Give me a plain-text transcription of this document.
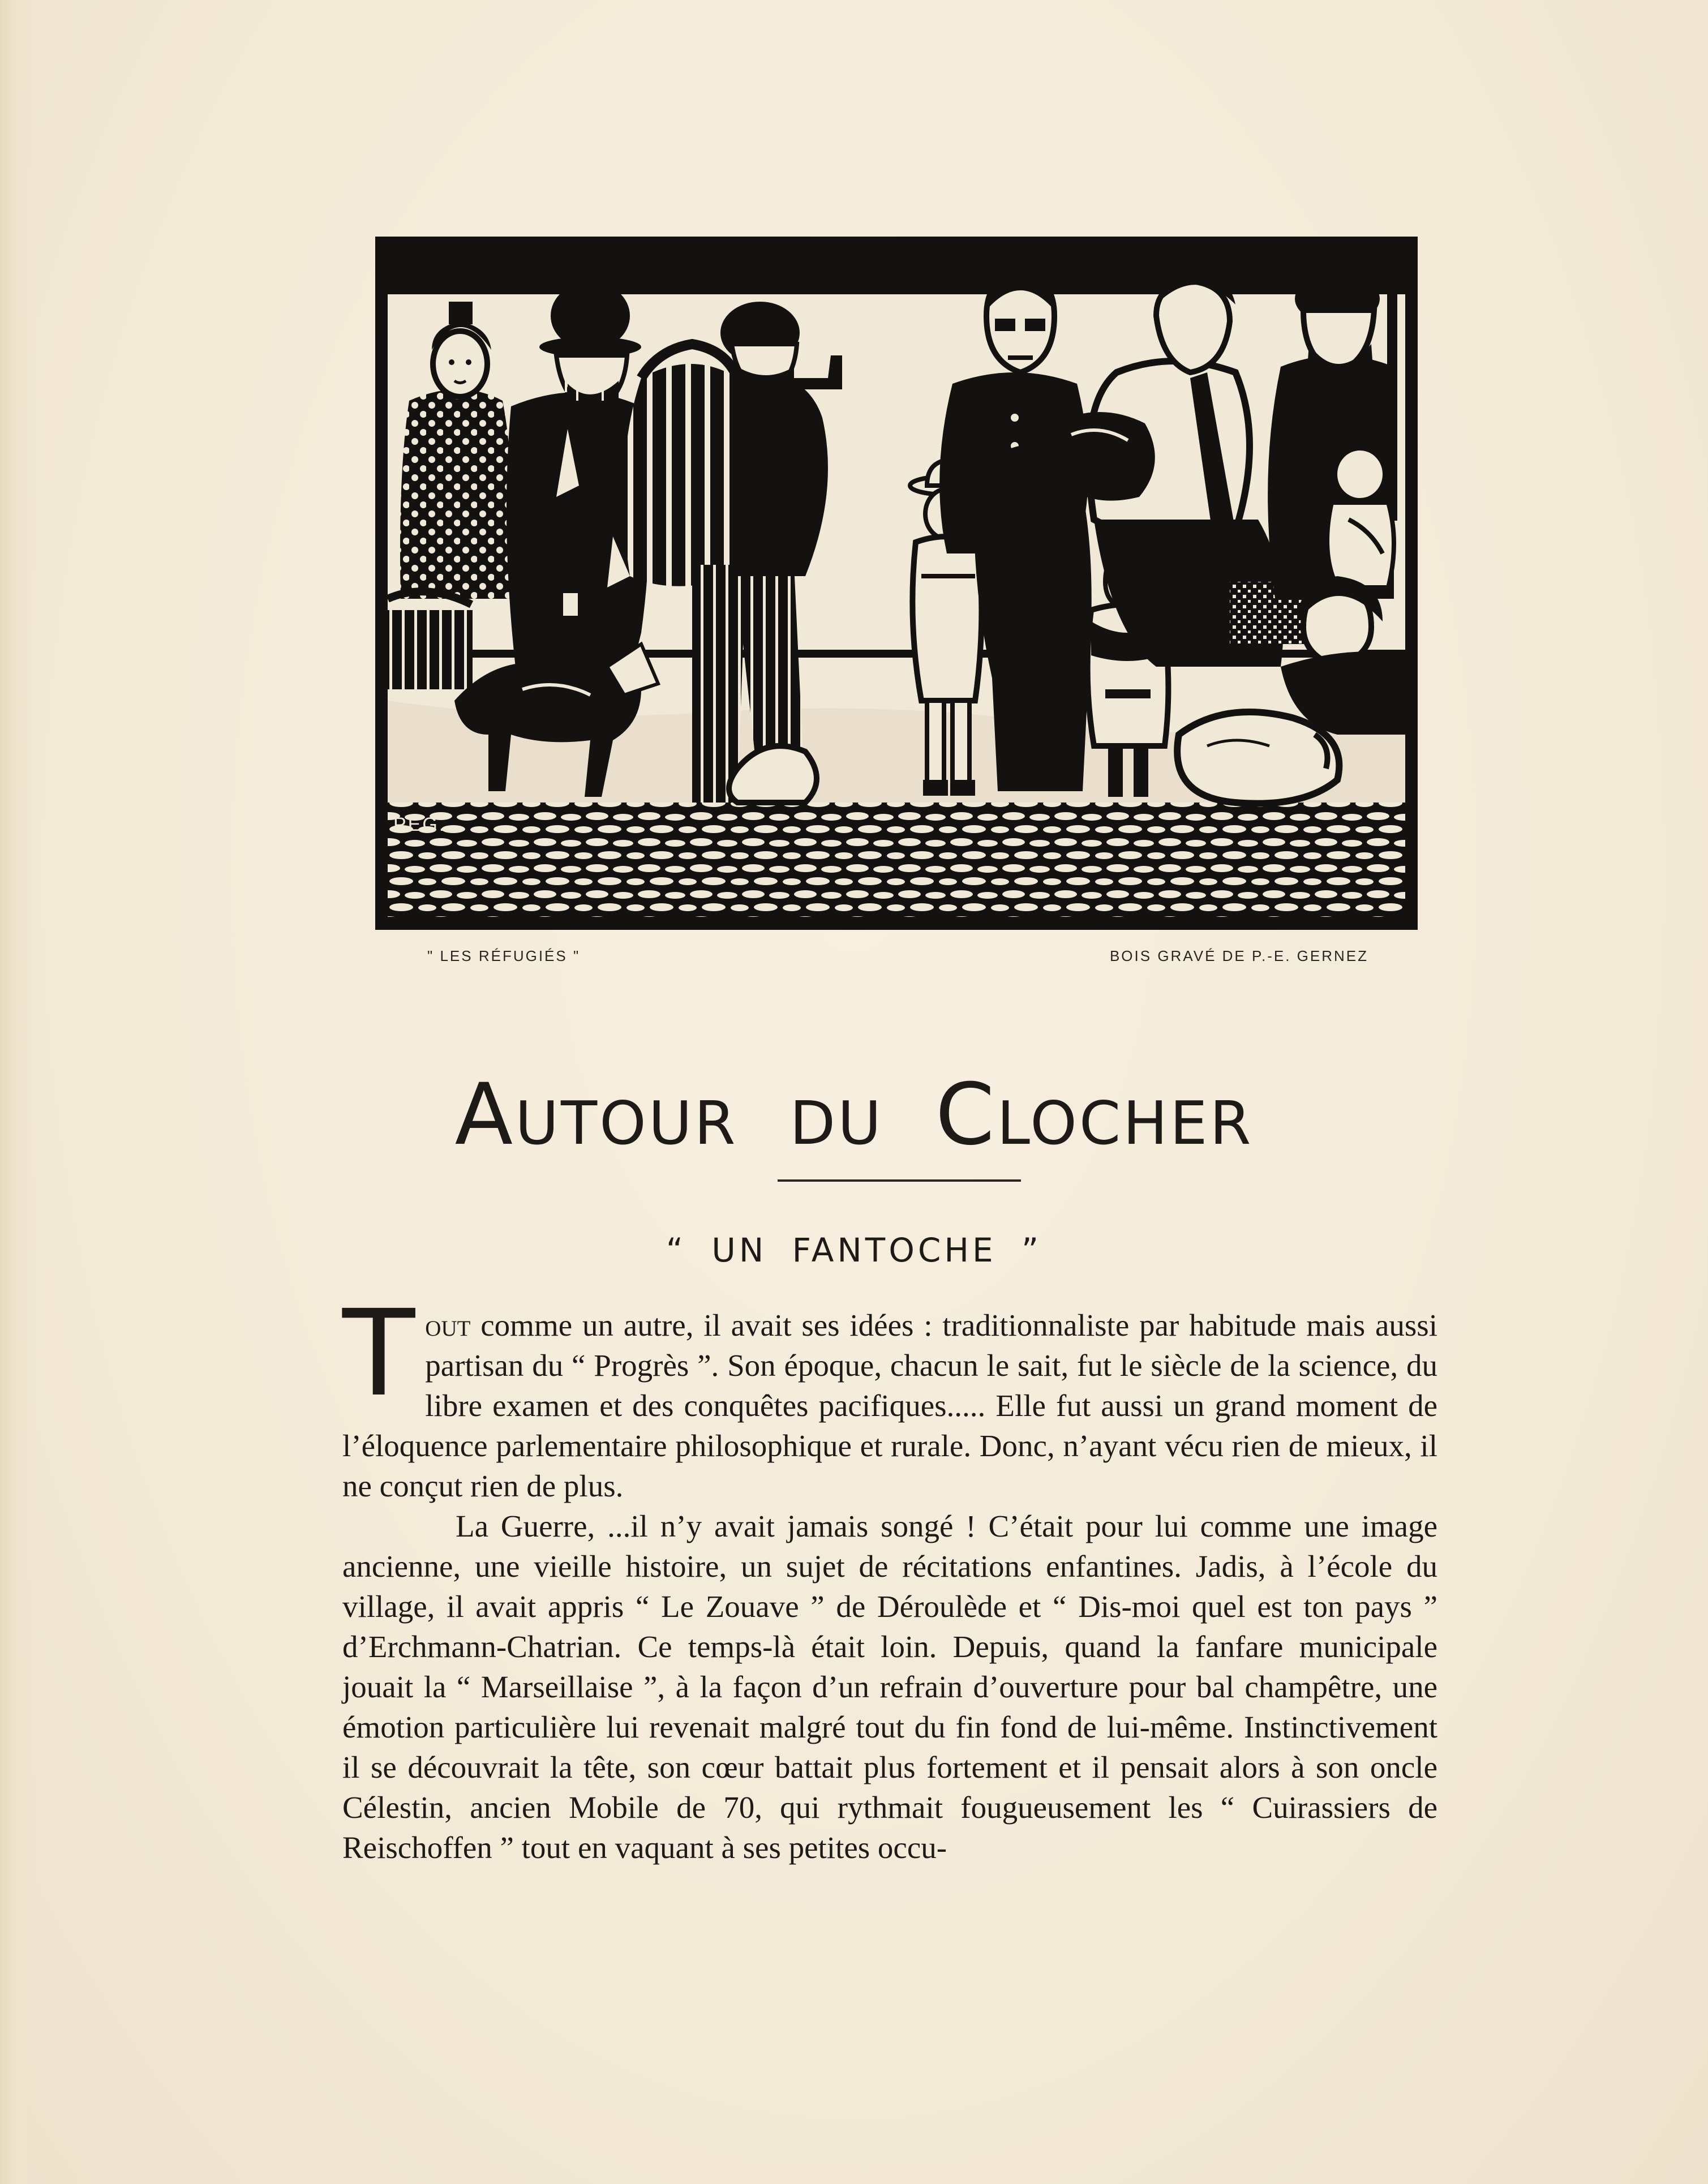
PEG.
" LES RÉFUGIÉS "	BOIS GRAVÉ DE P.-E. GERNEZ
Autour du Clocher
“ UN FANTOCHE ”

Tout comme un autre, il avait ses idées : traditionnaliste par habitude mais aussi partisan du “ Progrès ”. Son époque, chacun le sait, fut le siècle de la science, du libre examen et des conquêtes pacifiques..... Elle fut aussi un grand moment de l’éloquence parlementaire philosophique et rurale. Donc, n’ayant vécu rien de mieux, il ne conçut rien de plus.

La Guerre, ...il n’y avait jamais songé ! C’était pour lui comme une image ancienne, une vieille histoire, un sujet de récitations enfantines. Jadis, à l’école du village, il avait appris “ Le Zouave ” de Déroulède et “ Dis-moi quel est ton pays ” d’Erchmann-Chatrian. Ce temps-là était loin. Depuis, quand la fanfare municipale jouait la “ Marseillaise ”, à la façon d’un refrain d’ouverture pour bal champêtre, une émotion particulière lui revenait malgré tout du fin fond de lui-même. Instinctivement il se découvrait la tête, son cœur battait plus fortement et il pensait alors à son oncle Célestin, ancien Mobile de 70, qui rythmait fougueusement les “ Cuirassiers de Reischoffen ” tout en vaquant à ses petites occu-
